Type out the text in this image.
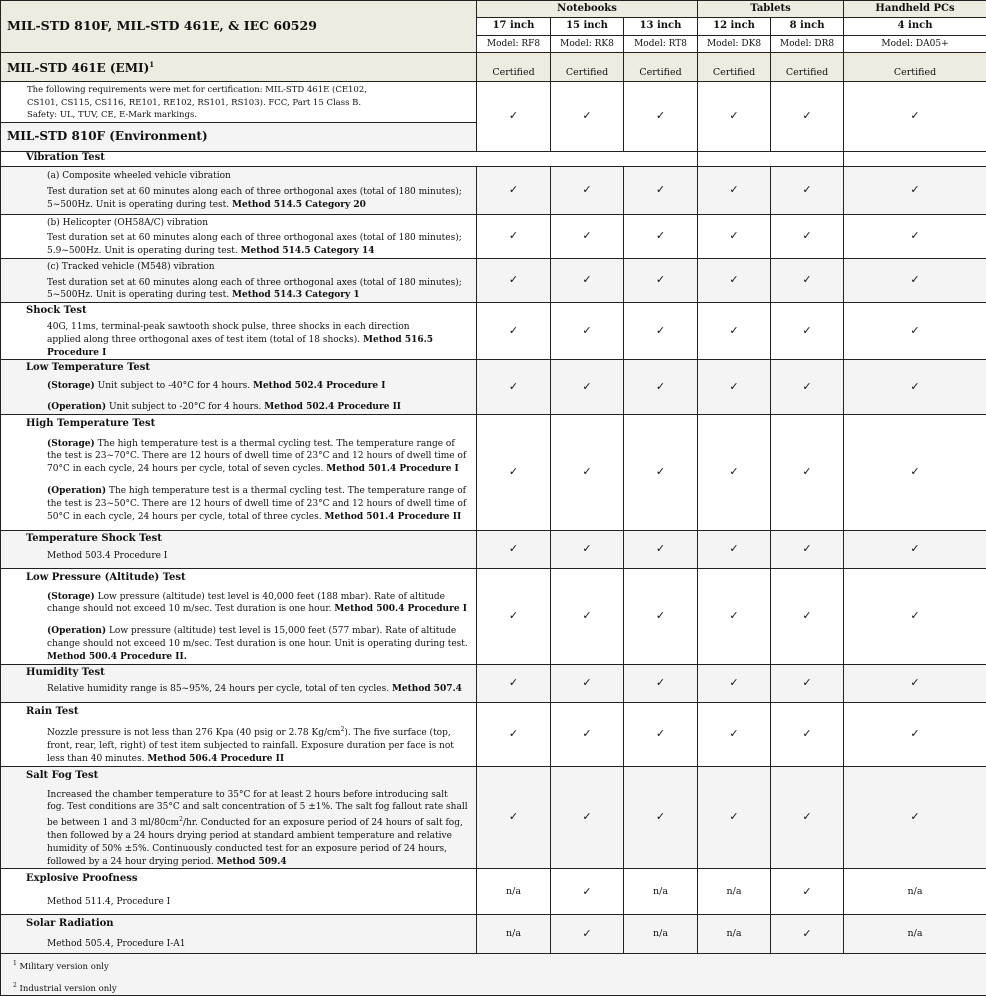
MIL-STD 810F, MIL-STD 461E, & IEC 60529	Notebooks			Tablets		Handheld PCs
	17 inch	15 inch	13 inch	12 inch	8 inch	4 inch
	Model: RF8	Model: RK8	Model: RT8	Model: DK8	Model: DR8	Model: DA05+
MIL-STD 461E (EMI)$^1$	Certified	Certified	Certified	Certified	Certified	Certified
The following requirements were met for certification: MIL-STD 461E (CE102, CS101, CS115, CS116, RE101, RE102, RS101, RS103). FCC, Part 15 Class B. Safety: UL, TUV, CE, E-Mark markings.	✓	✓	✓	✓	✓	✓
MIL-STD 810F (Environment)						
Vibration Test						

(a) Composite wheeled vehicle vibration
Test duration set at 60 minutes along each of three orthogonal axes (total of 180 minutes); 5~500Hz. Unit is operating during test. Method 514.5 Category 20	✓	✓	✓	✓	✓	✓

(b) Helicopter (OH58A/C) vibration
Test duration set at 60 minutes along each of three orthogonal axes (total of 180 minutes); 5.9~500Hz. Unit is operating during test. Method 514.5 Category 14	✓	✓	✓	✓	✓	✓

(c) Tracked vehicle (M548) vibration
Test duration set at 60 minutes along each of three orthogonal axes (total of 180 minutes); 5~500Hz. Unit is operating during test. Method 514.3 Category 1	✓	✓	✓	✓	✓	✓

Shock Test
40G, 11ms, terminal-peak sawtooth shock pulse, three shocks in each direction applied along three orthogonal axes of test item (total of 18 shocks). Method 516.5 Procedure I	✓	✓	✓	✓	✓	✓

Low Temperature Test
(Storage) Unit subject to -40°C for 4 hours. Method 502.4 Procedure I
(Operation) Unit subject to -20°C for 4 hours. Method 502.4 Procedure II	✓	✓	✓	✓	✓	✓

High Temperature Test
(Storage) The high temperature test is a thermal cycling test. The temperature range of the test is 23~70°C. There are 12 hours of dwell time of 23°C and 12 hours of dwell time of 70°C in each cycle, 24 hours per cycle, total of seven cycles. Method 501.4 Procedure I
(Operation) The high temperature test is a thermal cycling test. The temperature range of the test is 23~50°C. There are 12 hours of dwell time of 23°C and 12 hours of dwell time of 50°C in each cycle, 24 hours per cycle, total of three cycles. Method 501.4 Procedure II	✓	✓	✓	✓	✓	✓

Temperature Shock Test
Method 503.4 Procedure I	✓	✓	✓	✓	✓	✓

Low Pressure (Altitude) Test
(Storage) Low pressure (altitude) test level is 40,000 feet (188 mbar). Rate of altitude change should not exceed 10 m/sec. Test duration is one hour. Method 500.4 Procedure I
(Operation) Low pressure (altitude) test level is 15,000 feet (577 mbar). Rate of altitude change should not exceed 10 m/sec. Test duration is one hour. Unit is operating during test. Method 500.4 Procedure II.	✓	✓	✓	✓	✓	✓

Humidity Test
Relative humidity range is 85~95%, 24 hours per cycle, total of ten cycles. Method 507.4	✓	✓	✓	✓	✓	✓

Rain Test
Nozzle pressure is not less than 276 Kpa (40 psig or 2.78 $Kg/cm^2$). The five surface (top, front, rear, left, right) of test item subjected to rainfall. Exposure duration per face is not less than 40 minutes. Method 506.4 Procedure II	✓	✓	✓	✓	✓	✓

Salt Fog Test
Increased the chamber temperature to 35°C for at least 2 hours before introducing salt fog. Test conditions are 35°C and salt concentration of 5 ±1%. The salt fog fallout rate shall be between 1 and 3 $ml/80cm^2/hr$. Conducted for an exposure period of 24 hours of salt fog, then followed by a 24 hours drying period at standard ambient temperature and relative humidity of 50% ±5%. Continuously conducted test for an exposure period of 24 hours, followed by a 24 hour drying period. Method 509.4	✓	✓	✓	✓	✓	✓

Explosive Proofness
Method 511.4, Procedure I	n/a	✓	n/a	n/a	✓	n/a

Solar Radiation
Method 505.4, Procedure I-A1	n/a	✓	n/a	n/a	✓	n/a

$^1$ Military version only
$^2$ Industrial version only						
